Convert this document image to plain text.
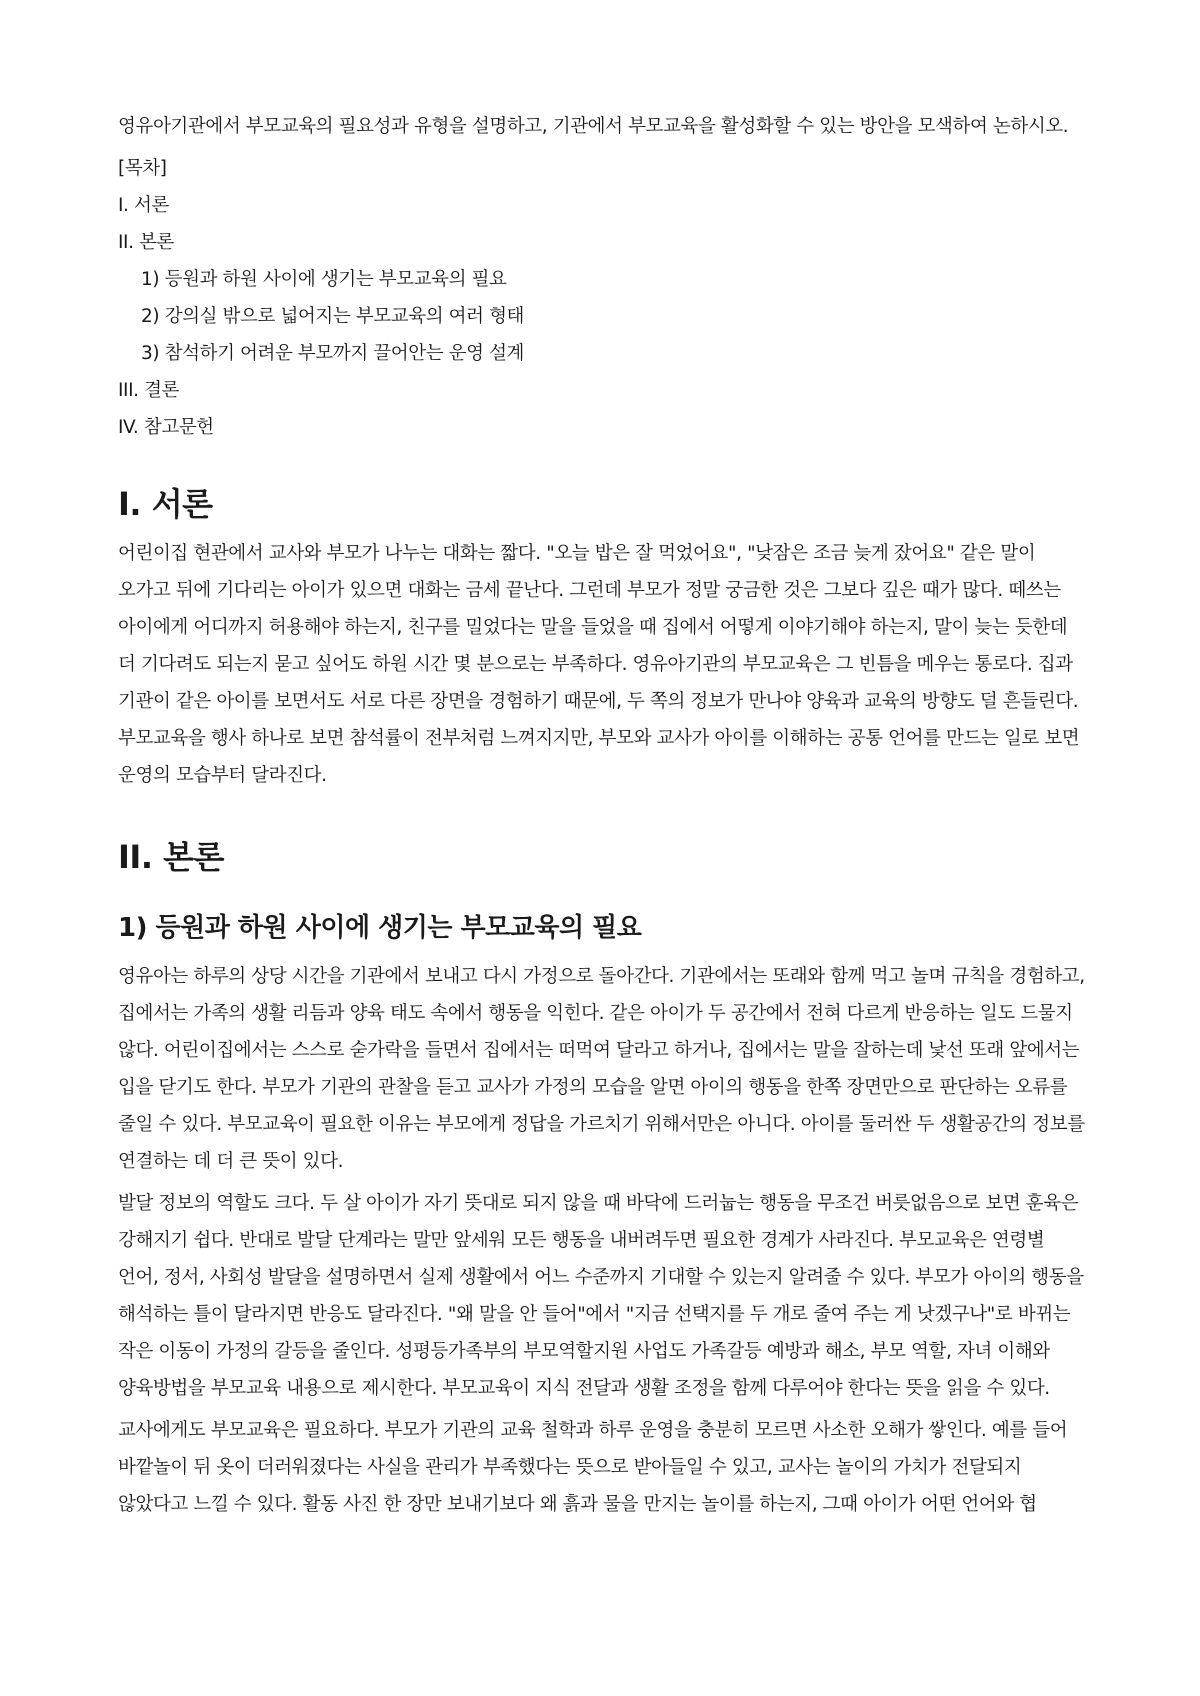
영유아기관에서 부모교육의 필요성과 유형을 설명하고, 기관에서 부모교육을 활성화할 수 있는 방안을 모색하여 논하시오.

[목차]

I. 서론
II. 본론
1) 등원과 하원 사이에 생기는 부모교육의 필요
2) 강의실 밖으로 넓어지는 부모교육의 여러 형태
3) 참석하기 어려운 부모까지 끌어안는 운영 설계
III. 결론
IV. 참고문헌
I. 서론

어린이집 현관에서 교사와 부모가 나누는 대화는 짧다. "오늘 밥은 잘 먹었어요", "낮잠은 조금 늦게 잤어요" 같은 말이 오가고 뒤에 기다리는 아이가 있으면 대화는 금세 끝난다. 그런데 부모가 정말 궁금한 것은 그보다 깊은 때가 많다. 떼쓰는 아이에게 어디까지 허용해야 하는지, 친구를 밀었다는 말을 들었을 때 집에서 어떻게 이야기해야 하는지, 말이 늦는 듯한데 더 기다려도 되는지 묻고 싶어도 하원 시간 몇 분으로는 부족하다. 영유아기관의 부모교육은 그 빈틈을 메우는 통로다. 집과 기관이 같은 아이를 보면서도 서로 다른 장면을 경험하기 때문에, 두 쪽의 정보가 만나야 양육과 교육의 방향도 덜 흔들린다. 부모교육을 행사 하나로 보면 참석률이 전부처럼 느껴지지만, 부모와 교사가 아이를 이해하는 공통 언어를 만드는 일로 보면 운영의 모습부터 달라진다.

II. 본론
1) 등원과 하원 사이에 생기는 부모교육의 필요

영유아는 하루의 상당 시간을 기관에서 보내고 다시 가정으로 돌아간다. 기관에서는 또래와 함께 먹고 놀며 규칙을 경험하고, 집에서는 가족의 생활 리듬과 양육 태도 속에서 행동을 익힌다. 같은 아이가 두 공간에서 전혀 다르게 반응하는 일도 드물지 않다. 어린이집에서는 스스로 숟가락을 들면서 집에서는 떠먹여 달라고 하거나, 집에서는 말을 잘하는데 낯선 또래 앞에서는 입을 닫기도 한다. 부모가 기관의 관찰을 듣고 교사가 가정의 모습을 알면 아이의 행동을 한쪽 장면만으로 판단하는 오류를 줄일 수 있다. 부모교육이 필요한 이유는 부모에게 정답을 가르치기 위해서만은 아니다. 아이를 둘러싼 두 생활공간의 정보를 연결하는 데 더 큰 뜻이 있다.

발달 정보의 역할도 크다. 두 살 아이가 자기 뜻대로 되지 않을 때 바닥에 드러눕는 행동을 무조건 버릇없음으로 보면 훈육은 강해지기 쉽다. 반대로 발달 단계라는 말만 앞세워 모든 행동을 내버려두면 필요한 경계가 사라진다. 부모교육은 연령별 언어, 정서, 사회성 발달을 설명하면서 실제 생활에서 어느 수준까지 기대할 수 있는지 알려줄 수 있다. 부모가 아이의 행동을 해석하는 틀이 달라지면 반응도 달라진다. "왜 말을 안 들어"에서 "지금 선택지를 두 개로 줄여 주는 게 낫겠구나"로 바뀌는 작은 이동이 가정의 갈등을 줄인다. 성평등가족부의 부모역할지원 사업도 가족갈등 예방과 해소, 부모 역할, 자녀 이해와 양육방법을 부모교육 내용으로 제시한다. 부모교육이 지식 전달과 생활 조정을 함께 다루어야 한다는 뜻을 읽을 수 있다.

교사에게도 부모교육은 필요하다. 부모가 기관의 교육 철학과 하루 운영을 충분히 모르면 사소한 오해가 쌓인다. 예를 들어 바깥놀이 뒤 옷이 더러워졌다는 사실을 관리가 부족했다는 뜻으로 받아들일 수 있고, 교사는 놀이의 가치가 전달되지 않았다고 느낄 수 있다. 활동 사진 한 장만 보내기보다 왜 흙과 물을 만지는 놀이를 하는지, 그때 아이가 어떤 언어와 협
